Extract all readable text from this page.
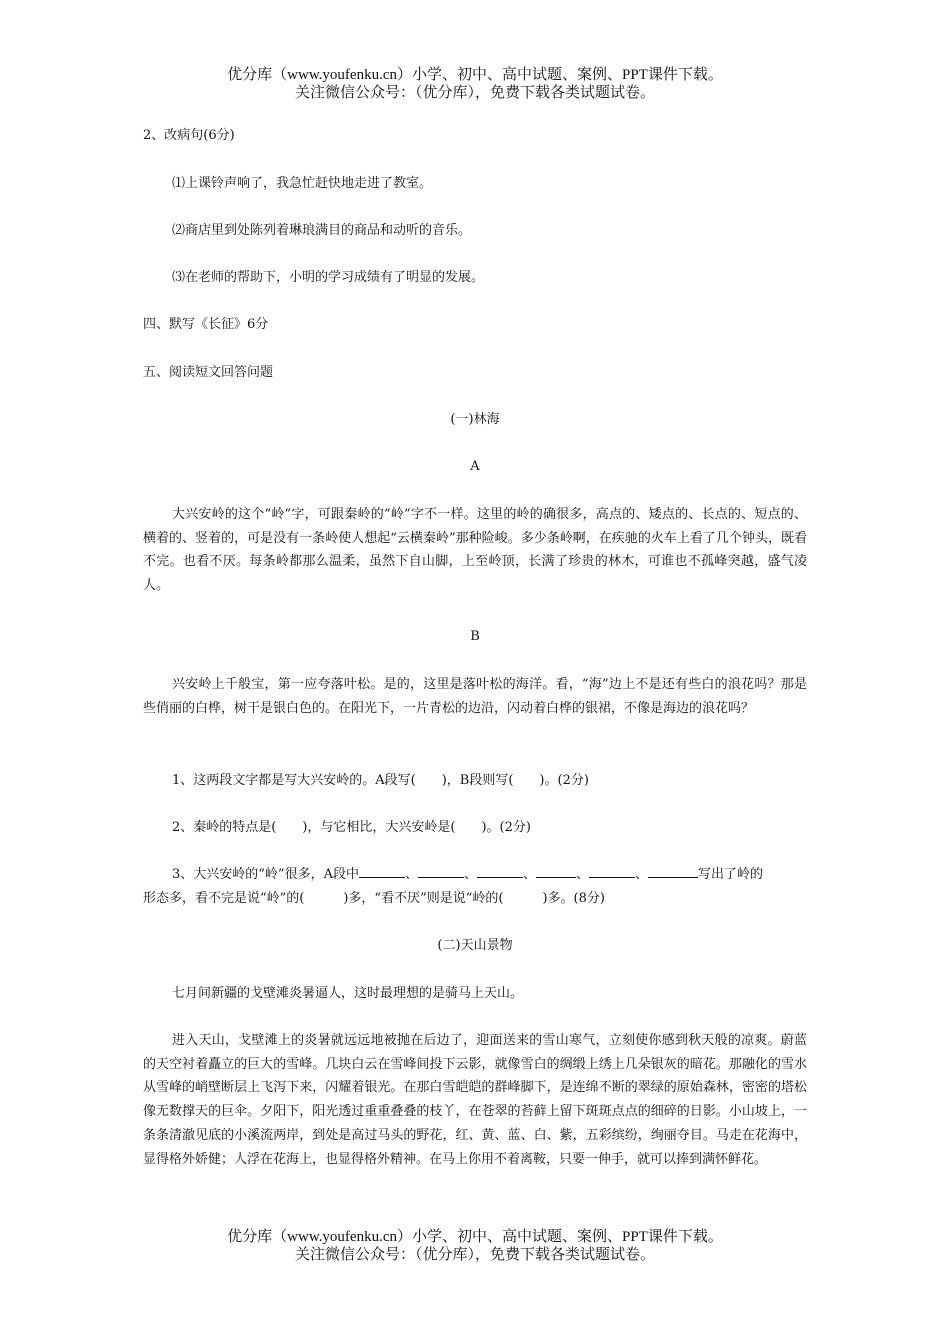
优分库（www.youfenku.cn）小学、初中、高中试题、案例、PPT课件下载。
关注微信公众号：（优分库），免费下载各类试题试卷。
2、改病句(6分)
⑴上课铃声响了，我急忙赶快地走进了教室。
⑵商店里到处陈列着琳琅满目的商品和动听的音乐。
⑶在老师的帮助下，小明的学习成绩有了明显的发展。
四、默写《长征》6分
五、阅读短文回答问题
(一)林海
A
大兴安岭的这个“岭”字，可跟秦岭的“岭”字不一样。这里的岭的确很多，高点的、矮点的、长点的、短点的、横着的、竖着的，可是没有一条岭使人想起“云横秦岭”那种险峻。多少条岭啊，在疾驰的火车上看了几个钟头，既看不完。也看不厌。每条岭都那么温柔，虽然下自山脚，上至岭顶，长满了珍贵的林木，可谁也不孤峰突越，盛气凌人。
B
兴安岭上千般宝，第一应夸落叶松。是的，这里是落叶松的海洋。看，“海”边上不是还有些白的浪花吗？那是些俏丽的白桦，树干是银白色的。在阳光下，一片青松的边沿，闪动着白桦的银裙，不像是海边的浪花吗？
1、这两段文字都是写大兴安岭的。A段写(　　)，B段则写(　　)。(2分)
2、秦岭的特点是(　　)，与它相比，大兴安岭是(　　)。(2分)
3、大兴安岭的“岭”很多，A段中	、	、	、	、	、	写出了岭的
形态多，看不完是说“岭”的(　　　)多，“看不厌”则是说“岭的(　　　)多。(8分)
(二)天山景物
七月间新疆的戈壁滩炎暑逼人，这时最理想的是骑马上天山。
进入天山，戈壁滩上的炎暑就远远地被抛在后边了，迎面送来的雪山寒气，立刻使你感到秋天般的凉爽。蔚蓝的天空衬着矗立的巨大的雪峰。几块白云在雪峰间投下云影，就像雪白的绸缎上绣上几朵银灰的暗花。那融化的雪水从雪峰的峭壁断层上飞泻下来，闪耀着银光。在那白雪皑皑的群峰脚下，是连绵不断的翠绿的原始森林，密密的塔松像无数撑天的巨伞。夕阳下，阳光透过重重叠叠的枝丫，在苍翠的苔藓上留下斑斑点点的细碎的日影。小山坡上，一条条清澈见底的小溪流两岸，到处是高过马头的野花，红、黄、蓝、白、紫，五彩缤纷，绚丽夺目。马走在花海中，显得格外娇健；人浮在花海上，也显得格外精神。在马上你用不着离鞍，只要一伸手，就可以捧到满怀鲜花。
优分库（www.youfenku.cn）小学、初中、高中试题、案例、PPT课件下载。
关注微信公众号：（优分库），免费下载各类试题试卷。
